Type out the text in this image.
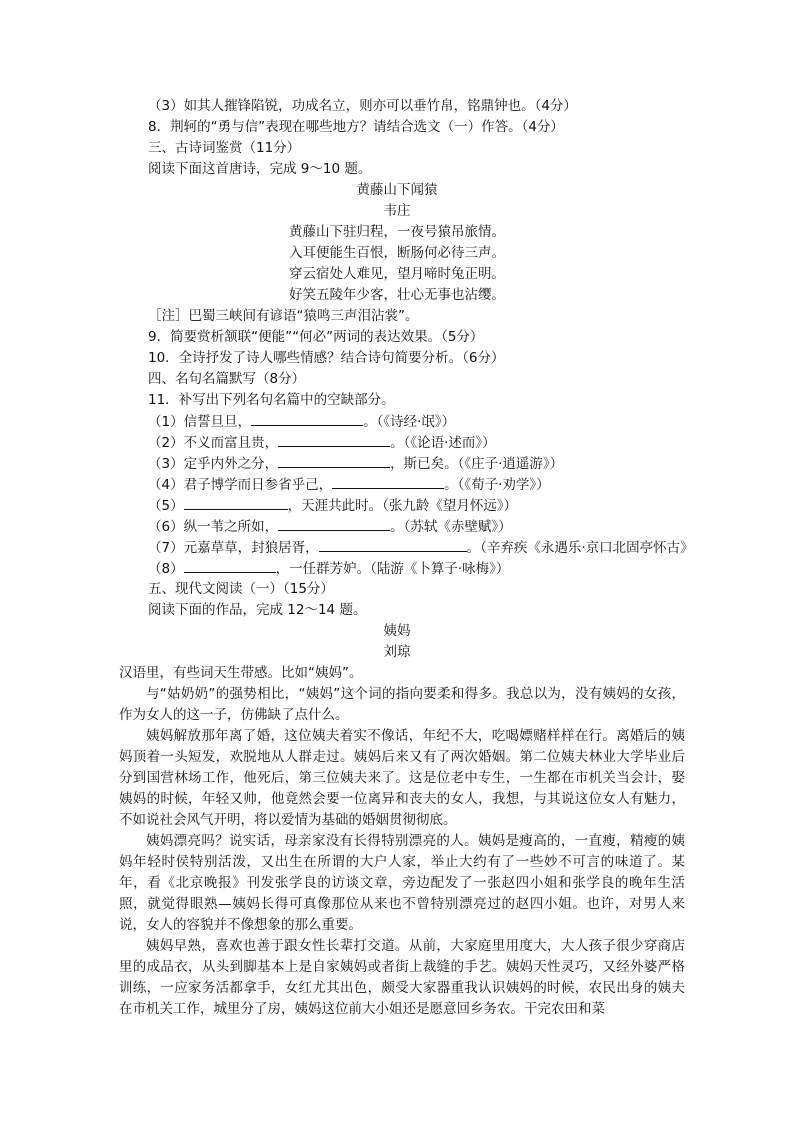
（3）如其人摧锋陷锐，功成名立，则亦可以垂竹帛，铭鼎钟也。（4分）
8．荆轲的“勇与信”表现在哪些地方？请结合选文（一）作答。（4分）
三、古诗词鉴赏（11分）
阅读下面这首唐诗，完成 9～10 题。
黄藤山下闻猿
韦庄
黄藤山下驻归程，一夜号猿吊旅情。
入耳便能生百恨，断肠何必待三声。
穿云宿处人难见，望月啼时兔正明。
好笑五陵年少客，壮心无事也沾缨。
［注］巴蜀三峡间有谚语“猿鸣三声泪沾裳”。
9．简要赏析颔联“便能”“何必”两词的表达效果。（5分）
10．全诗抒发了诗人哪些情感？结合诗句简要分析。（6分）
四、名句名篇默写（8分）
11．补写出下列名句名篇中的空缺部分。
（1）信誓旦旦，	。（《诗经·氓》）
（2）不义而富且贵，	。（《论语·述而》）
（3）定乎内外之分，	，斯已矣。（《庄子·逍遥游》）
（4）君子博学而日参省乎己，	。（《荀子·劝学》）
（5）	，天涯共此时。（张九龄《望月怀远》）
（6）纵一苇之所如，	。（苏轼《赤壁赋》）
（7）元嘉草草，封狼居胥，	。（辛弃疾《永遇乐·京口北固亭怀古》
（8）	，一任群芳妒。（陆游《卜算子·咏梅》）
五、现代文阅读（一）（15分）
阅读下面的作品，完成 12～14 题。
姨妈
刘琼
汉语里，有些词天生带感。比如“姨妈”。
与“姑奶奶”的强势相比，“姨妈”这个词的指向要柔和得多。我总以为，没有姨妈的女孩，作为女人的这一子，仿佛缺了点什么。
姨妈解放那年离了婚，这位姨夫着实不像话，年纪不大，吃喝嫖赌样样在行。离婚后的姨妈顶着一头短发，欢脱地从人群走过。姨妈后来又有了两次婚姻。第二位姨夫林业大学毕业后分到国营林场工作，他死后，第三位姨夫来了。这是位老中专生，一生都在市机关当会计，娶姨妈的时候，年轻又帅，他竟然会要一位离异和丧夫的女人，我想，与其说这位女人有魅力，不如说社会风气开明，将以爱情为基础的婚姻贯彻彻底。
姨妈漂亮吗？说实话，母亲家没有长得特别漂亮的人。姨妈是瘦高的，一直瘦，精瘦的姨妈年轻时侯特别活泼，又出生在所谓的大户人家，举止大约有了一些妙不可言的味道了。某年，看《北京晚报》刊发张学良的访谈文章，旁边配发了一张赵四小姐和张学良的晚年生活照，就觉得眼熟—姨妈长得可真像那位从来也不曾特别漂亮过的赵四小姐。也许，对男人来说，女人的容貌并不像想象的那么重要。
姨妈早熟，喜欢也善于跟女性长辈打交道。从前，大家庭里用度大，大人孩子很少穿商店里的成品衣，从头到脚基本上是自家姨妈或者街上裁缝的手艺。姨妈天性灵巧，又经外婆严格训练，一应家务活都拿手，女红尤其出色，颇受大家器重我认识姨妈的时候，农民出身的姨夫在市机关工作，城里分了房，姨妈这位前大小姐还是愿意回乡务农。干完农田和菜
